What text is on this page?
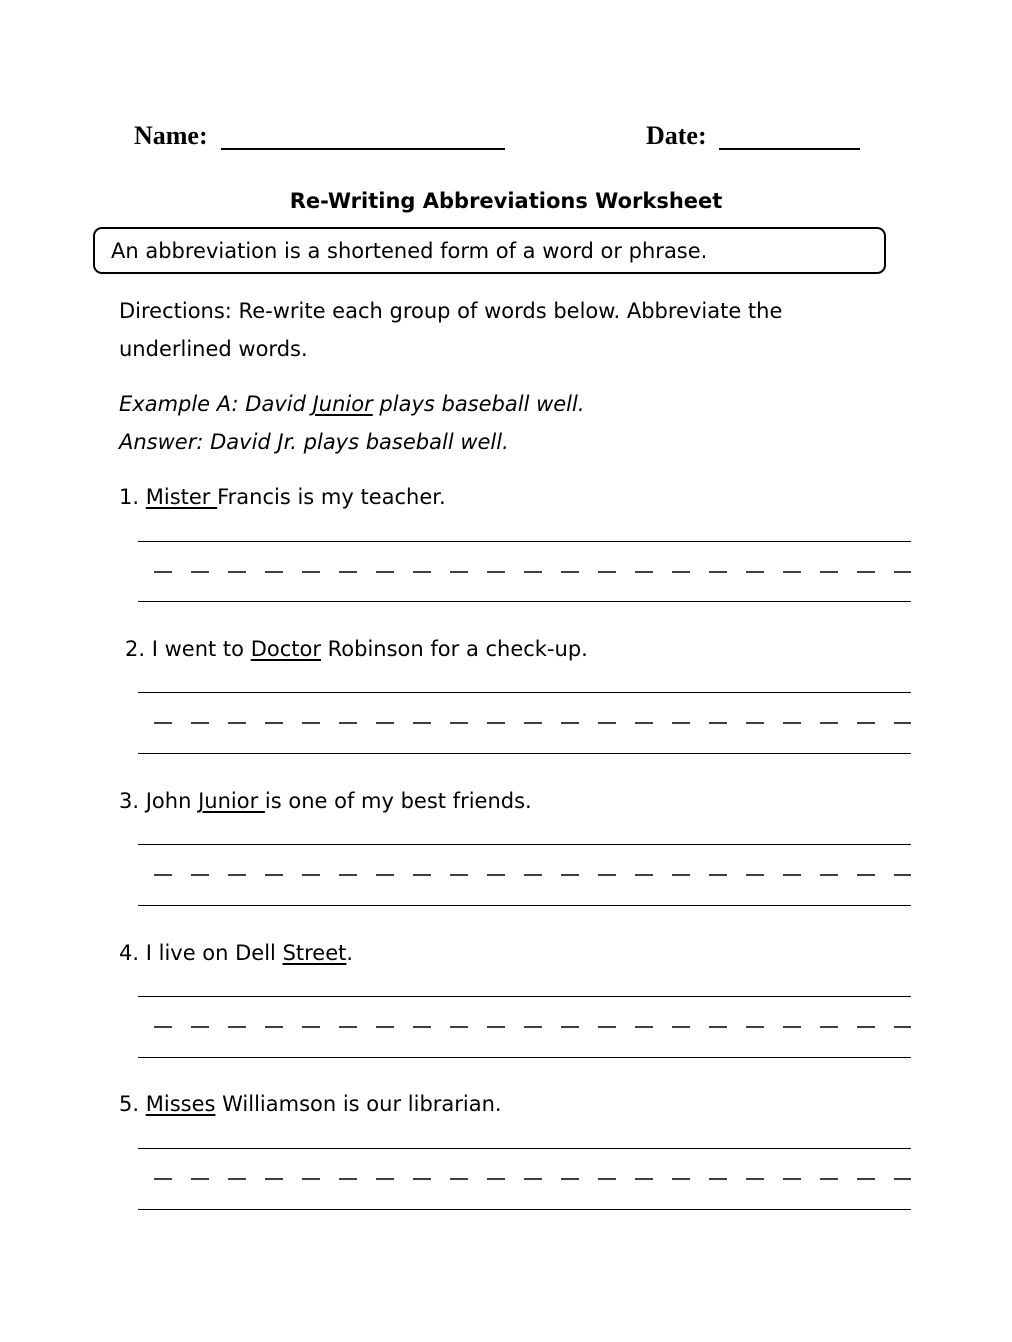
Name:	Date:
Re-Writing Abbreviations Worksheet
An abbreviation is a shortened form of a word or phrase.
Directions: Re-write each group of words below. Abbreviate the
underlined words.
Example A: David Junior plays baseball well.
Answer: David Jr. plays baseball well.
1. Mister Francis is my teacher.
2. I went to Doctor Robinson for a check-up.
3. John Junior is one of my best friends.
4. I live on Dell Street.
5. Misses Williamson is our librarian.
